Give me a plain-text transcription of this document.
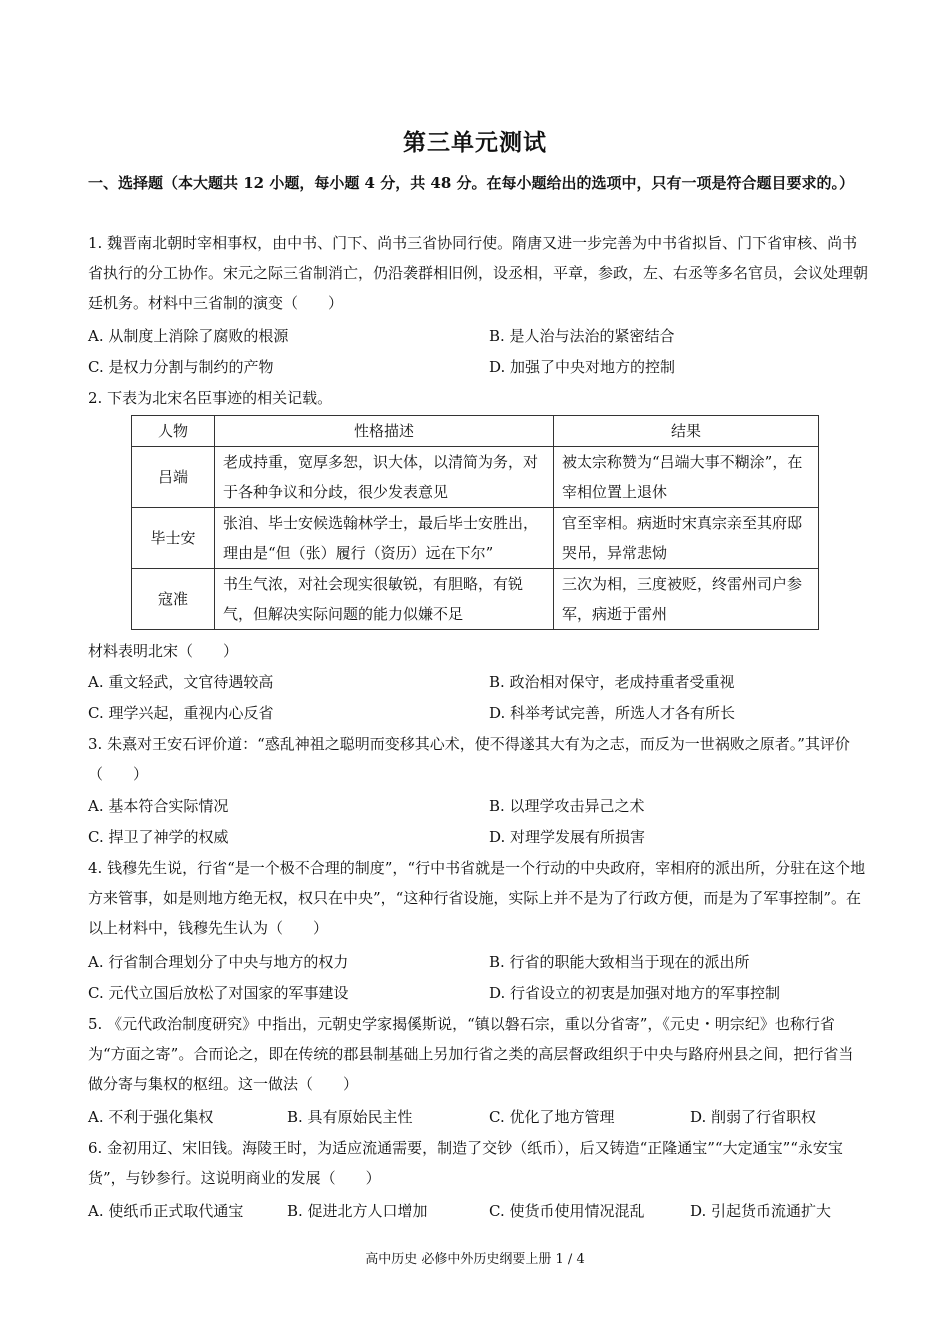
第三单元测试
一、选择题（本大题共 12 小题，每小题 4 分，共 48 分。在每小题给出的选项中，只有一项是符合题目要求的。）
1. 魏晋南北朝时宰相事权，由中书、门下、尚书三省协同行使。隋唐又进一步完善为中书省拟旨、门下省审核、尚书省执行的分工协作。宋元之际三省制消亡，仍沿袭群相旧例，设丞相，平章，参政，左、右丞等多名官员，会议处理朝廷机务。材料中三省制的演变（　　）
A. 从制度上消除了腐败的根源	B. 是人治与法治的紧密结合
C. 是权力分割与制约的产物	D. 加强了中央对地方的控制
2. 下表为北宋名臣事迹的相关记载。
人物	性格描述	结果
吕端	老成持重，宽厚多恕，识大体，以清简为务，对于各种争议和分歧，很少发表意见	被太宗称赞为“吕端大事不糊涂”，在宰相位置上退休
毕士安	张洎、毕士安候选翰林学士，最后毕士安胜出，理由是“但（张）履行（资历）远在下尔”	官至宰相。病逝时宋真宗亲至其府邸哭吊，异常悲恸
寇准	书生气浓，对社会现实很敏锐，有胆略，有锐气，但解决实际问题的能力似嫌不足	三次为相，三度被贬，终雷州司户参军，病逝于雷州
材料表明北宋（　　）
A. 重文轻武，文官待遇较高	B. 政治相对保守，老成持重者受重视
C. 理学兴起，重视内心反省	D. 科举考试完善，所选人才各有所长
3. 朱熹对王安石评价道：“惑乱神祖之聪明而变移其心术，使不得遂其大有为之志，而反为一世祸败之原者。”其评价（　　）
A. 基本符合实际情况	B. 以理学攻击异己之术
C. 捍卫了神学的权威	D. 对理学发展有所损害
4. 钱穆先生说，行省“是一个极不合理的制度”，“行中书省就是一个行动的中央政府，宰相府的派出所，分驻在这个地方来管事，如是则地方绝无权，权只在中央”，“这种行省设施，实际上并不是为了行政方便，而是为了军事控制”。在以上材料中，钱穆先生认为（　　）
A. 行省制合理划分了中央与地方的权力	B. 行省的职能大致相当于现在的派出所
C. 元代立国后放松了对国家的军事建设	D. 行省设立的初衷是加强对地方的军事控制
5. 《元代政治制度研究》中指出，元朝史学家揭傒斯说，“镇以磐石宗，重以分省寄”，《元史・明宗纪》也称行省为“方面之寄”。合而论之，即在传统的郡县制基础上另加行省之类的高层督政组织于中央与路府州县之间，把行省当做分寄与集权的枢纽。这一做法（　　）
A. 不利于强化集权	B. 具有原始民主性	C. 优化了地方管理	D. 削弱了行省职权
6. 金初用辽、宋旧钱。海陵王时，为适应流通需要，制造了交钞（纸币），后又铸造“正隆通宝”“大定通宝”“永安宝货”，与钞参行。这说明商业的发展（　　）
A. 使纸币正式取代通宝	B. 促进北方人口增加	C. 使货币使用情况混乱	D. 引起货币流通扩大
高中历史 必修中外历史纲要上册 1 / 4
